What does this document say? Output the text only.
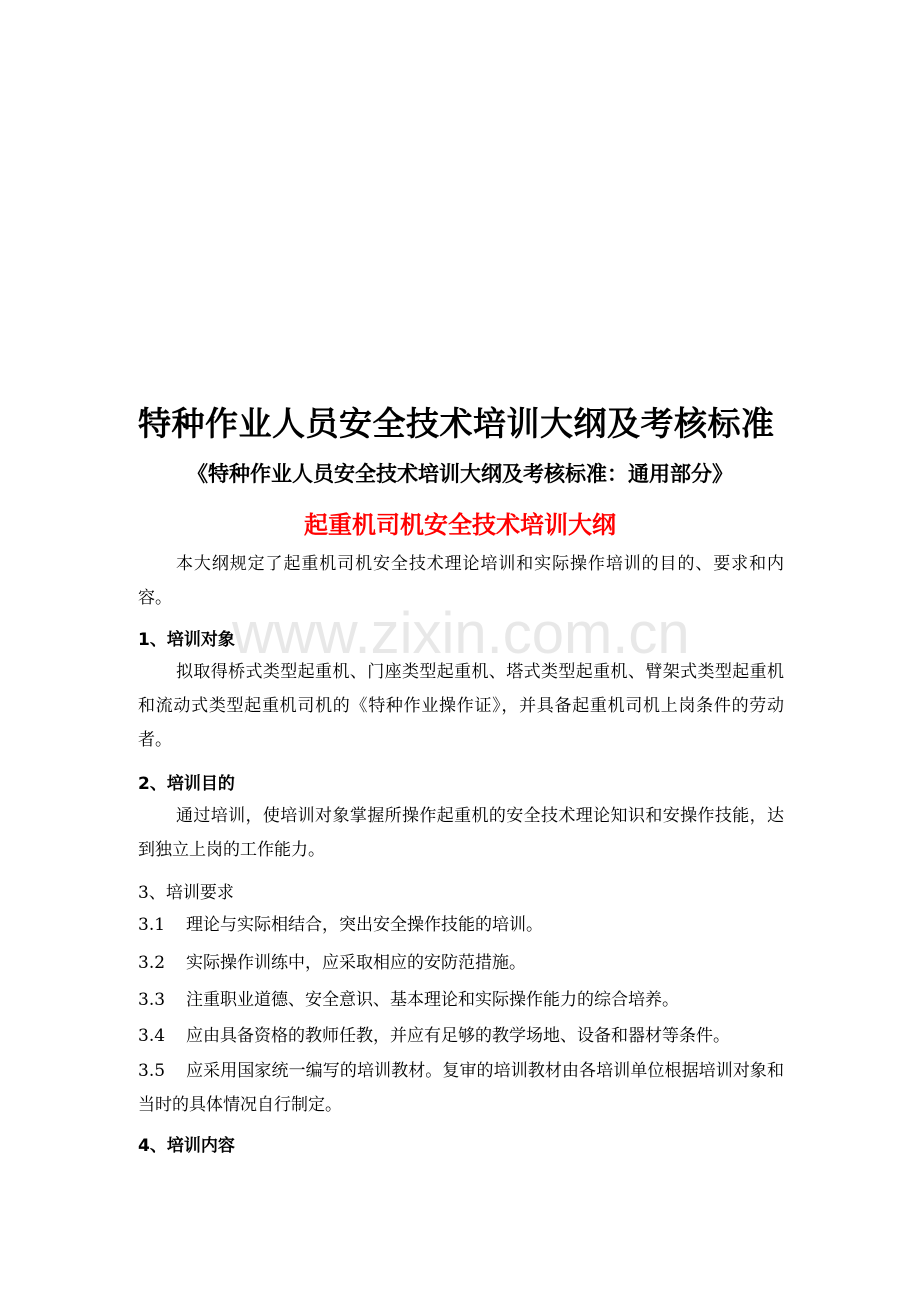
特种作业人员安全技术培训大纲及考核标准
《特种作业人员安全技术培训大纲及考核标准：通用部分》
起重机司机安全技术培训大纲
本大纲规定了起重机司机安全技术理论培训和实际操作培训的目的、要求和内容。
www.zixin.com.cn
1、培训对象
拟取得桥式类型起重机、门座类型起重机、塔式类型起重机、臂架式类型起重机和流动式类型起重机司机的《特种作业操作证》，并具备起重机司机上岗条件的劳动者。
2、培训目的
通过培训，使培训对象掌握所操作起重机的安全技术理论知识和安操作技能，达到独立上岗的工作能力。
3、培训要求
3.1 理论与实际相结合，突出安全操作技能的培训。
3.2 实际操作训练中，应采取相应的安防范措施。
3.3 注重职业道德、安全意识、基本理论和实际操作能力的综合培养。
3.4 应由具备资格的教师任教，并应有足够的教学场地、设备和器材等条件。
3.5 应采用国家统一编写的培训教材。复审的培训教材由各培训单位根据培训对象和当时的具体情况自行制定。
4、培训内容
